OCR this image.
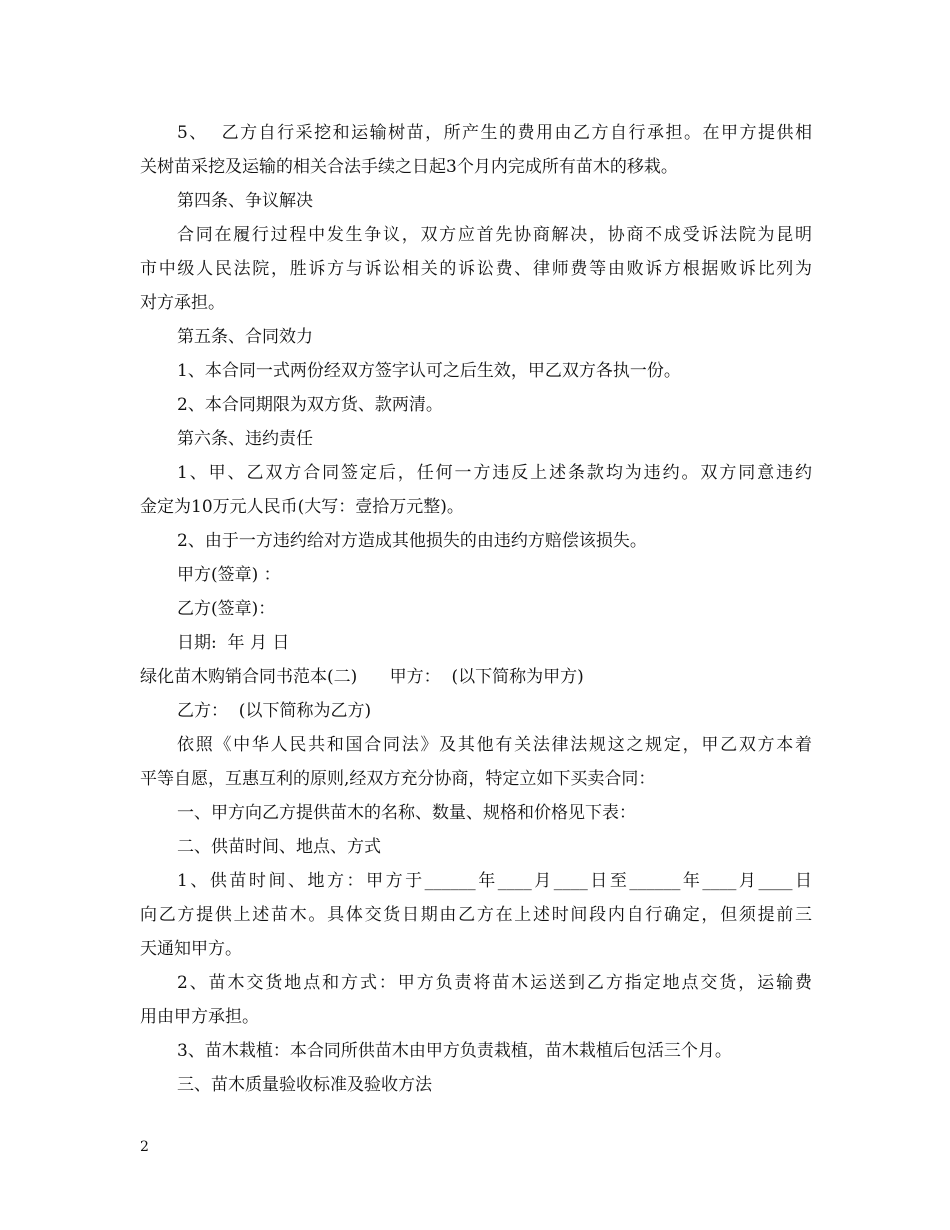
5、  乙方自行采挖和运输树苗，所产生的费用由乙方自行承担。在甲方提供相
关树苗采挖及运输的相关合法手续之日起3个月内完成所有苗木的移栽。
第四条、争议解决
合同在履行过程中发生争议，双方应首先协商解决，协商不成受诉法院为昆明
市中级人民法院，胜诉方与诉讼相关的诉讼费、律师费等由败诉方根据败诉比列为
对方承担。
第五条、合同效力
1、本合同一式两份经双方签字认可之后生效，甲乙双方各执一份。
2、本合同期限为双方货、款两清。
第六条、违约责任
1、甲、乙双方合同签定后，任何一方违反上述条款均为违约。双方同意违约
金定为10万元人民币(大写：壹拾万元整)。
2、由于一方违约给对方造成其他损失的由违约方赔偿该损失。
甲方(签章) ：
乙方(签章)：
日期:  年 月 日
绿化苗木购销合同书范本(二)      甲方：  (以下简称为甲方)
乙方：  (以下简称为乙方)
依照《中华人民共和国合同法》及其他有关法律法规这之规定，甲乙双方本着
平等自愿，互惠互利的原则,经双方充分协商，特定立如下买卖合同：
一、甲方向乙方提供苗木的名称、数量、规格和价格见下表：
二、供苗时间、地点、方式
1、供苗时间、地方：甲方于______年____月____日至______年____月____日
向乙方提供上述苗木。具体交货日期由乙方在上述时间段内自行确定，但须提前三
天通知甲方。
2、苗木交货地点和方式：甲方负责将苗木运送到乙方指定地点交货，运输费
用由甲方承担。
3、苗木栽植：本合同所供苗木由甲方负责栽植，苗木栽植后包活三个月。
三、苗木质量验收标准及验收方法
2
